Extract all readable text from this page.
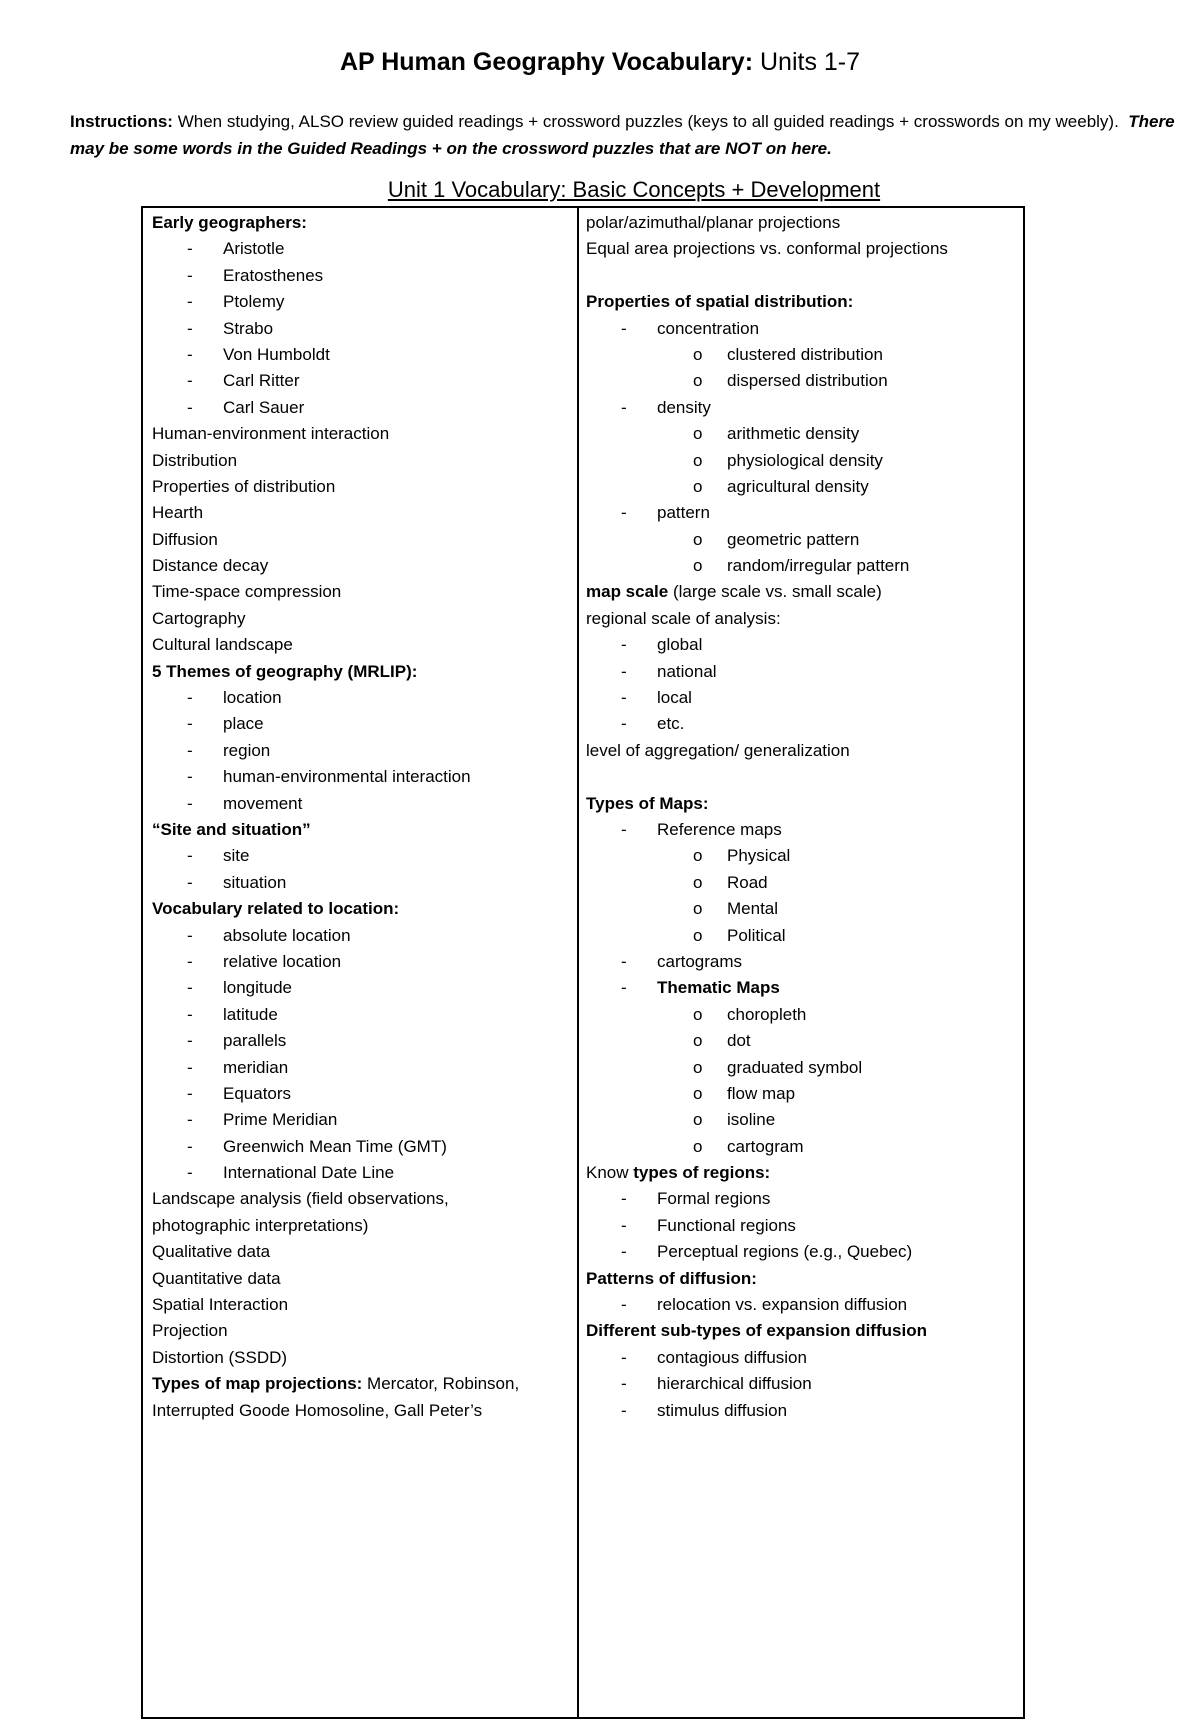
AP Human Geography Vocabulary: Units 1-7
Instructions: When studying, ALSO review guided readings + crossword puzzles (keys to all guided readings + crosswords on my weebly). There may be some words in the Guided Readings + on the crossword puzzles that are NOT on here.
Unit 1 Vocabulary: Basic Concepts + Development
Early geographers:
- Aristotle
- Eratosthenes
- Ptolemy
- Strabo
- Von Humboldt
- Carl Ritter
- Carl Sauer
Human-environment interaction
Distribution
Properties of distribution
Hearth
Diffusion
Distance decay
Time-space compression
Cartography
Cultural landscape
5 Themes of geography (MRLIP):
- location
- place
- region
- human-environmental interaction
- movement
“Site and situation”
- site
- situation
Vocabulary related to location:
- absolute location
- relative location
- longitude
- latitude
- parallels
- meridian
- Equators
- Prime Meridian
- Greenwich Mean Time (GMT)
- International Date Line
Landscape analysis (field observations,
photographic interpretations)
Qualitative data
Quantitative data
Spatial Interaction
Projection
Distortion (SSDD)
Types of map projections: Mercator, Robinson,
Interrupted Goode Homosoline, Gall Peter’s
polar/azimuthal/planar projections
Equal area projections vs. conformal projections
Properties of spatial distribution:
- concentration
o clustered distribution
o dispersed distribution
- density
o arithmetic density
o physiological density
o agricultural density
- pattern
o geometric pattern
o random/irregular pattern
map scale (large scale vs. small scale)
regional scale of analysis:
- global
- national
- local
- etc.
level of aggregation/ generalization
Types of Maps:
- Reference maps
o Physical
o Road
o Mental
o Political
- cartograms
- Thematic Maps
o choropleth
o dot
o graduated symbol
o flow map
o isoline
o cartogram
Know types of regions:
- Formal regions
- Functional regions
- Perceptual regions (e.g., Quebec)
Patterns of diffusion:
- relocation vs. expansion diffusion
Different sub-types of expansion diffusion
- contagious diffusion
- hierarchical diffusion
- stimulus diffusion
